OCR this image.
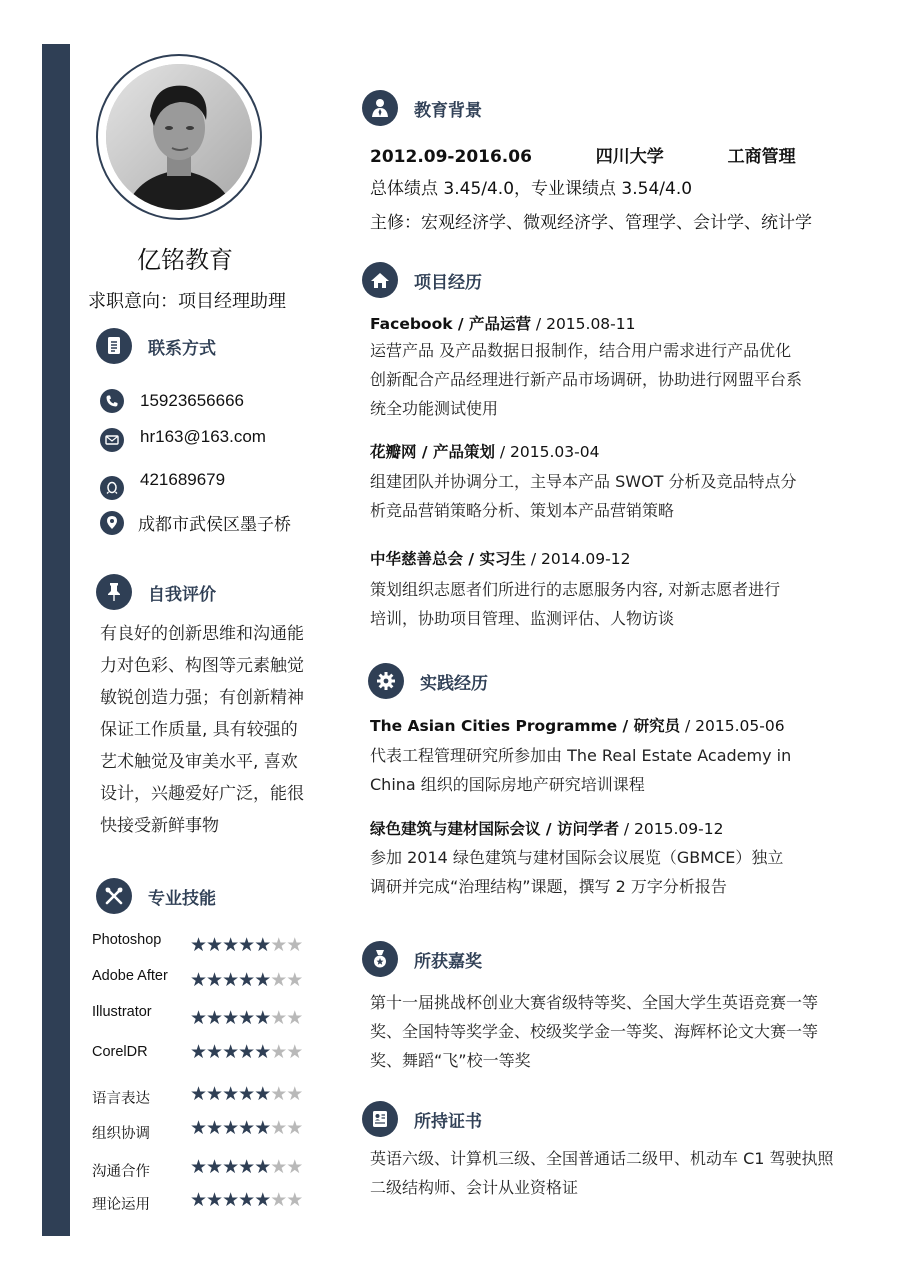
亿铭教育
求职意向：项目经理助理
联系方式
15923656666
hr163@163.com
421689679
成都市武侯区墨子桥
自我评价
有良好的创新思维和沟通能
力对色彩、构图等元素触觉
敏锐创造力强；有创新精神
保证工作质量, 具有较强的
艺术触觉及审美水平, 喜欢
设计，兴趣爱好广泛，能很
快接受新鲜事物
专业技能
Photoshop	★★★★★★★
Adobe After	★★★★★★★
Illustrator	★★★★★★★
CorelDR	★★★★★★★
语言表达	★★★★★★★
组织协调	★★★★★★★
沟通合作	★★★★★★★
理论运用	★★★★★★★
教育背景
2012.09-2016.06	四川大学	工商管理
总体绩点 3.45/4.0，专业课绩点 3.54/4.0
主修：宏观经济学、微观经济学、管理学、会计学、统计学
项目经历
Facebook / 产品运营 / 2015.08-11
运营产品 及产品数据日报制作，结合用户需求进行产品优化
创新配合产品经理进行新产品市场调研，协助进行网盟平台系
统全功能测试使用
花瓣网 / 产品策划 / 2015.03-04
组建团队并协调分工，主导本产品 SWOT 分析及竞品特点分
析竞品营销策略分析、策划本产品营销策略
中华慈善总会 / 实习生 / 2014.09-12
策划组织志愿者们所进行的志愿服务内容, 对新志愿者进行
培训，协助项目管理、监测评估、人物访谈
实践经历
The Asian Cities Programme / 研究员 / 2015.05-06
代表工程管理研究所参加由 The Real Estate Academy in
China 组织的国际房地产研究培训课程
绿色建筑与建材国际会议 / 访问学者 / 2015.09-12
参加 2014 绿色建筑与建材国际会议展览（GBMCE）独立
调研并完成“治理结构”课题，撰写 2 万字分析报告
所获嘉奖
第十一届挑战杯创业大赛省级特等奖、全国大学生英语竞赛一等
奖、全国特等奖学金、校级奖学金一等奖、海辉杯论文大赛一等
奖、舞蹈“飞”校一等奖
所持证书
英语六级、计算机三级、全国普通话二级甲、机动车 C1 驾驶执照
二级结构师、会计从业资格证
